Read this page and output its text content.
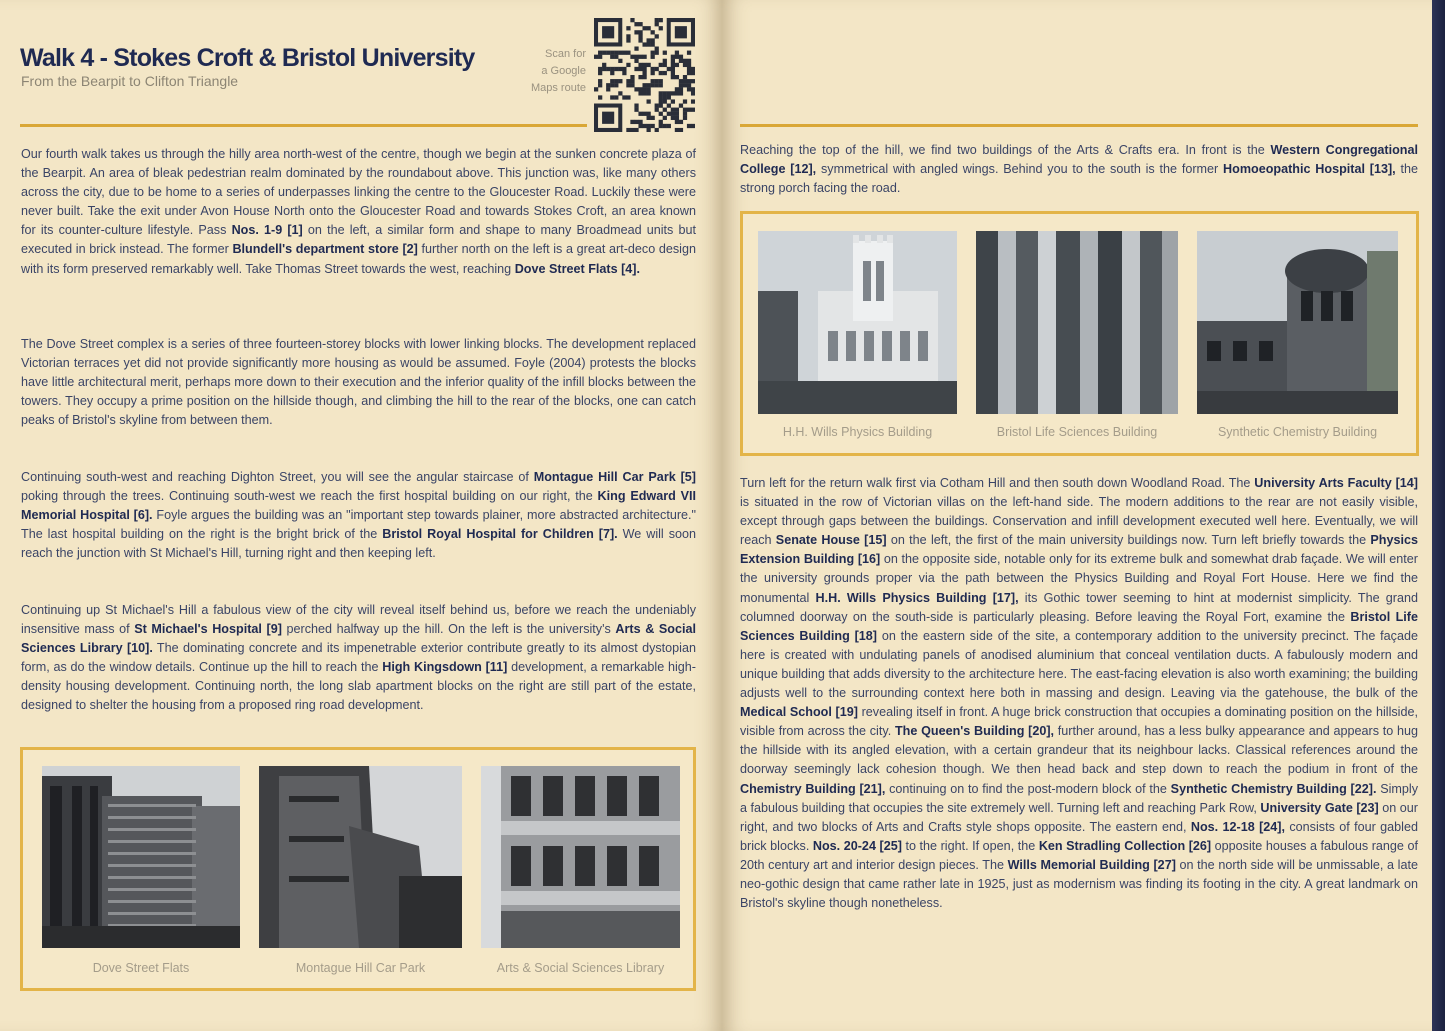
Walk 4 - Stokes Croft & Bristol University
From the Bearpit to Clifton Triangle
Scan for
a Google
Maps route
Our fourth walk takes us through the hilly area north-west of the centre, though we begin at the sunken concrete plaza of the Bearpit. An area of bleak pedestrian realm dominated by the roundabout above. This junction was, like many others across the city, due to be home to a series of underpasses linking the centre to the Gloucester Road. Luckily these were never built. Take the exit under Avon House North onto the Gloucester Road and towards Stokes Croft, an area known for its counter-culture lifestyle. Pass Nos. 1-9 [1] on the left, a similar form and shape to many Broadmead units but executed in brick instead. The former Blundell's department store [2] further north on the left is a great art-deco design with its form preserved remarkably well. Take Thomas Street towards the west, reaching Dove Street Flats [4].
The Dove Street complex is a series of three fourteen-storey blocks with lower linking blocks. The development replaced Victorian terraces yet did not provide significantly more housing as would be assumed. Foyle (2004) protests the blocks have little architectural merit, perhaps more down to their execution and the inferior quality of the infill blocks between the towers. They occupy a prime position on the hillside though, and climbing the hill to the rear of the blocks, one can catch peaks of Bristol's skyline from between them.
Continuing south-west and reaching Dighton Street, you will see the angular staircase of Montague Hill Car Park [5] poking through the trees. Continuing south-west we reach the first hospital building on our right, the King Edward VII Memorial Hospital [6]. Foyle argues the building was an "important step towards plainer, more abstracted architecture." The last hospital building on the right is the bright brick of the Bristol Royal Hospital for Children [7]. We will soon reach the junction with St Michael's Hill, turning right and then keeping left.
Continuing up St Michael's Hill a fabulous view of the city will reveal itself behind us, before we reach the undeniably insensitive mass of St Michael's Hospital [9] perched halfway up the hill. On the left is the university's Arts & Social Sciences Library [10]. The dominating concrete and its impenetrable exterior contribute greatly to its almost dystopian form, as do the window details. Continue up the hill to reach the High Kingsdown [11] development, a remarkable high-density housing development. Continuing north, the long slab apartment blocks on the right are still part of the estate, designed to shelter the housing from a proposed ring road development.
Dove Street Flats	Montague Hill Car Park	Arts & Social Sciences Library
Reaching the top of the hill, we find two buildings of the Arts & Crafts era. In front is the Western Congregational College [12], symmetrical with angled wings. Behind you to the south is the former Homoeopathic Hospital [13], the strong porch facing the road.
H.H. Wills Physics Building	Bristol Life Sciences Building	Synthetic Chemistry Building
Turn left for the return walk first via Cotham Hill and then south down Woodland Road. The University Arts Faculty [14] is situated in the row of Victorian villas on the left-hand side. The modern additions to the rear are not easily visible, except through gaps between the buildings. Conservation and infill development executed well here. Eventually, we will reach Senate House [15] on the left, the first of the main university buildings now. Turn left briefly towards the Physics Extension Building [16] on the opposite side, notable only for its extreme bulk and somewhat drab façade. We will enter the university grounds proper via the path between the Physics Building and Royal Fort House. Here we find the monumental H.H. Wills Physics Building [17], its Gothic tower seeming to hint at modernist simplicity. The grand columned doorway on the south-side is particularly pleasing. Before leaving the Royal Fort, examine the Bristol Life Sciences Building [18] on the eastern side of the site, a contemporary addition to the university precinct. The façade here is created with undulating panels of anodised aluminium that conceal ventilation ducts. A fabulously modern and unique building that adds diversity to the architecture here. The east-facing elevation is also worth examining; the building adjusts well to the surrounding context here both in massing and design. Leaving via the gatehouse, the bulk of the Medical School [19] revealing itself in front. A huge brick construction that occupies a dominating position on the hillside, visible from across the city. The Queen's Building [20], further around, has a less bulky appearance and appears to hug the hillside with its angled elevation, with a certain grandeur that its neighbour lacks. Classical references around the doorway seemingly lack cohesion though. We then head back and step down to reach the podium in front of the Chemistry Building [21], continuing on to find the post-modern block of the Synthetic Chemistry Building [22]. Simply a fabulous building that occupies the site extremely well. Turning left and reaching Park Row, University Gate [23] on our right, and two blocks of Arts and Crafts style shops opposite. The eastern end, Nos. 12-18 [24], consists of four gabled brick blocks. Nos. 20-24 [25] to the right. If open, the Ken Stradling Collection [26] opposite houses a fabulous range of 20th century art and interior design pieces. The Wills Memorial Building [27] on the north side will be unmissable, a late neo-gothic design that came rather late in 1925, just as modernism was finding its footing in the city. A great landmark on Bristol's skyline though nonetheless.
